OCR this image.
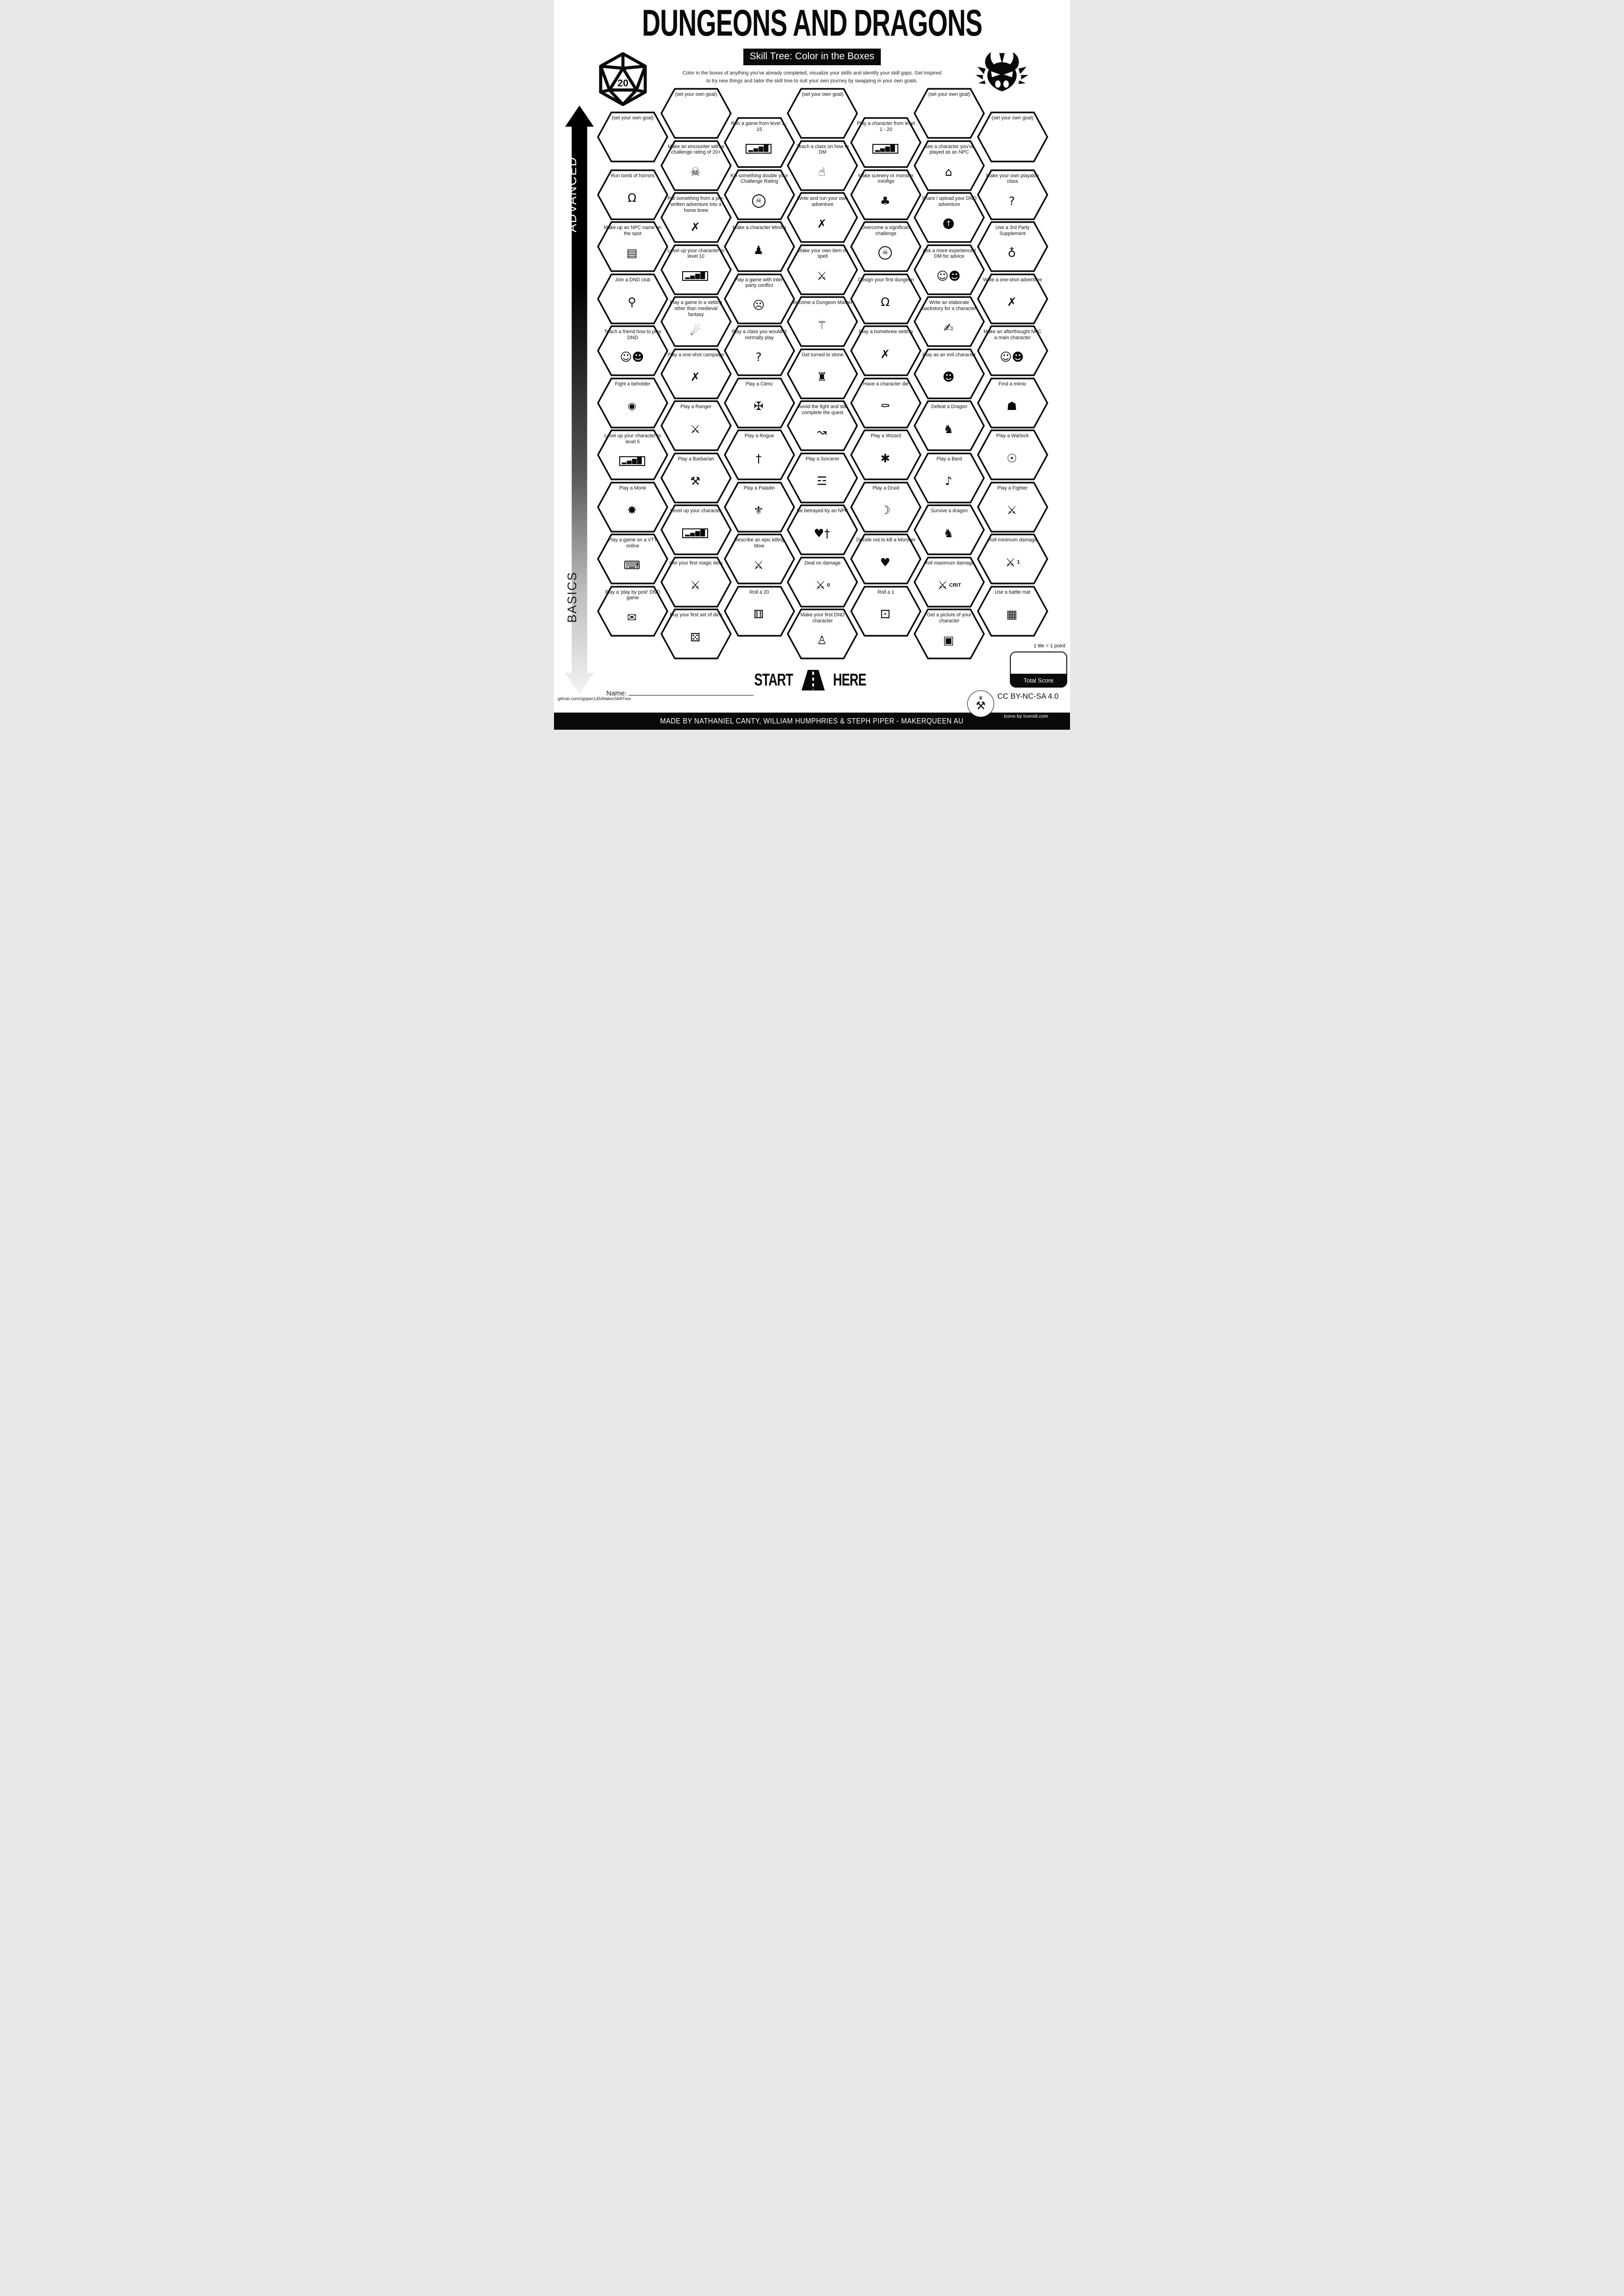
DUNGEONS AND DRAGONS
Skill Tree: Color in the Boxes
Color in the boxes of anything you've already completed, visualize your skills and identify your skill gaps. Get inspired
to try new things and tailor the skill tree to suit your own journey by swapping in your own goals.
20
ADVANCED
BASICS
(set your own goal)
Run tomb of horrors
Ω
Make up an NPC name on the spot
▤
Join a DND club
⚲
Teach a friend how to play DND
☺☻
Fight a beholder
◉
Level up your character to level 5
▂▄▆█
Play a Monk
✸
Play a game on a VTT online
⌨
Play a 'play by post' DND game
✉
(set your own goal)
Make an encounter with a challenge rating of 20+
☠
Put something from a pre-written adventure into a home brew
✗
Level up your character to level 10
▂▄▆█
Play a game in a setting other than medieval fantasy
☄
Play a one-shot campaign
✗
Play a Ranger
⚔
Play a Barbarian
⚒
Level up your character
▂▄▆█
Get your first magic item
⚔
Buy your first set of dice
⚄
Run a game from level 1 - 15
▂▄▆█
Kill something double your Challenge Rating
☠
Make a character Minifig
♟
Play a game with inter-party conflict
☹
Play a class you wouldn't normally play
?
Play a Cleric
✠
Play a Rogue
†
Play a Paladin
⚜
Describe an epic killing blow
⚔
Roll a 20
⚅
(set your own goal)
Teach a class on how to DM
☝
Write and run your own adventure
✗
Make your own item or spell
⚔
Become a Dungeon Master
⚚
Get turned to stone
♜
Avoid the fight and still complete the quest
↝
Play a Sorcerer
☲
Be betrayed by an NPC
♥†
Deal no damage
⚔ 0
Make your first DND character
♙
Play a character from level 1 - 20
▂▄▆█
Make scenery or monster minifigs
♣
Overcome a significant challenge
☠
Design your first dungeon
Ω
Play a homebrew setting
✗
Have a character die
⚰
Play a Wizard
✱
Play a Druid
☽
Decide not to kill a Monster
♥
Roll a 1
⚀
(set your own goal)
See a character you've played as an NPC
⌂
Share / upload your DND adventure
↑
Ask a more experienced DM for advice
☺☻
Write an elaborate backstory for a character
✍
Play as an evil character
☻
Defeat a Dragon
♞
Play a Bard
♪
Survive a dragon
♞
Roll maximum damage
⚔ CRIT
Get a picture of your character
▣
(set your own goal)
Make your own playable class
?
Use a 3rd Party Supplement
♁
Write a one-shot adventure
✗
Make an afterthought NPC a main character
☺☻
Find a mimic
☗
Play a Warlock
☉
Play a Fighter
⚔
Roll minimum damage
⚔ 1
Use a battle mat
▦
START	HERE
Name:
github.com/sjpiper145/MakerSkillTree
1 tile = 1 point
Total Score
♛
⚒
CC BY-NC-SA 4.0
Icons by Icons8.com
MADE BY NATHANIEL CANTY, WILLIAM HUMPHRIES & STEPH PIPER - MAKERQUEEN AU
